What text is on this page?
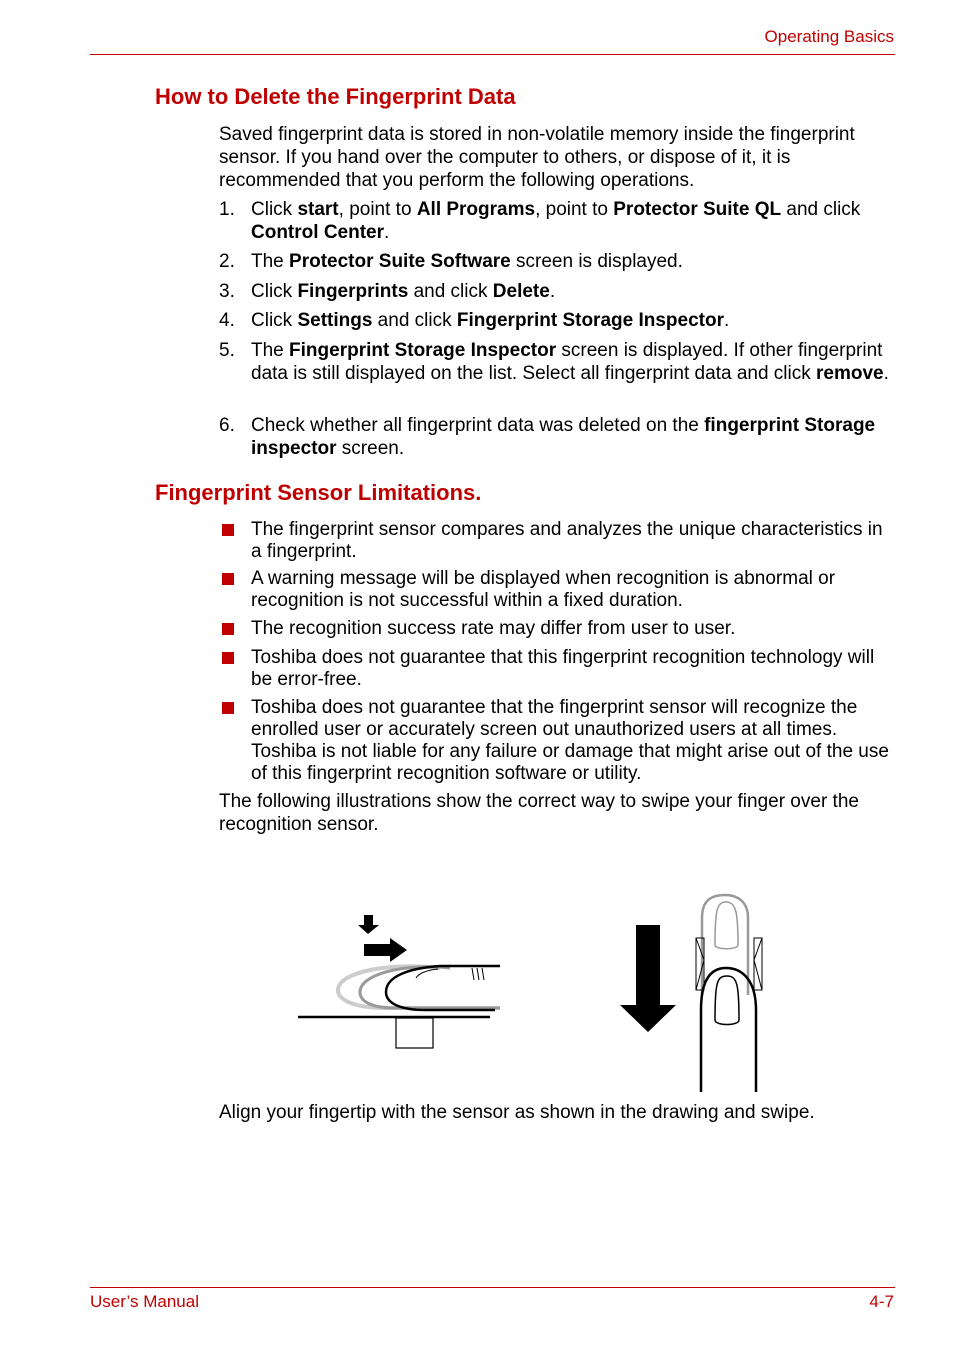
Operating Basics
How to Delete the Fingerprint Data

Saved fingerprint data is stored in non-volatile memory inside the fingerprint sensor. If you hand over the computer to others, or dispose of it, it is recommended that you perform the following operations.

1. Click start, point to All Programs, point to Protector Suite QL and click Control Center.
2. The Protector Suite Software screen is displayed.
3. Click Fingerprints and click Delete.
4. Click Settings and click Fingerprint Storage Inspector.
5. The Fingerprint Storage Inspector screen is displayed. If other fingerprint data is still displayed on the list. Select all fingerprint data and click remove.
6. Check whether all fingerprint data was deleted on the fingerprint Storage inspector screen.
Fingerprint Sensor Limitations.
The fingerprint sensor compares and analyzes the unique characteristics in a fingerprint.
A warning message will be displayed when recognition is abnormal or recognition is not successful within a fixed duration.
The recognition success rate may differ from user to user.
Toshiba does not guarantee that this fingerprint recognition technology will be error-free.
Toshiba does not guarantee that the fingerprint sensor will recognize the enrolled user or accurately screen out unauthorized users at all times. Toshiba is not liable for any failure or damage that might arise out of the use of this fingerprint recognition software or utility.

The following illustrations show the correct way to swipe your finger over the recognition sensor.

Align your fingertip with the sensor as shown in the drawing and swipe.

User’s Manual	4-7
